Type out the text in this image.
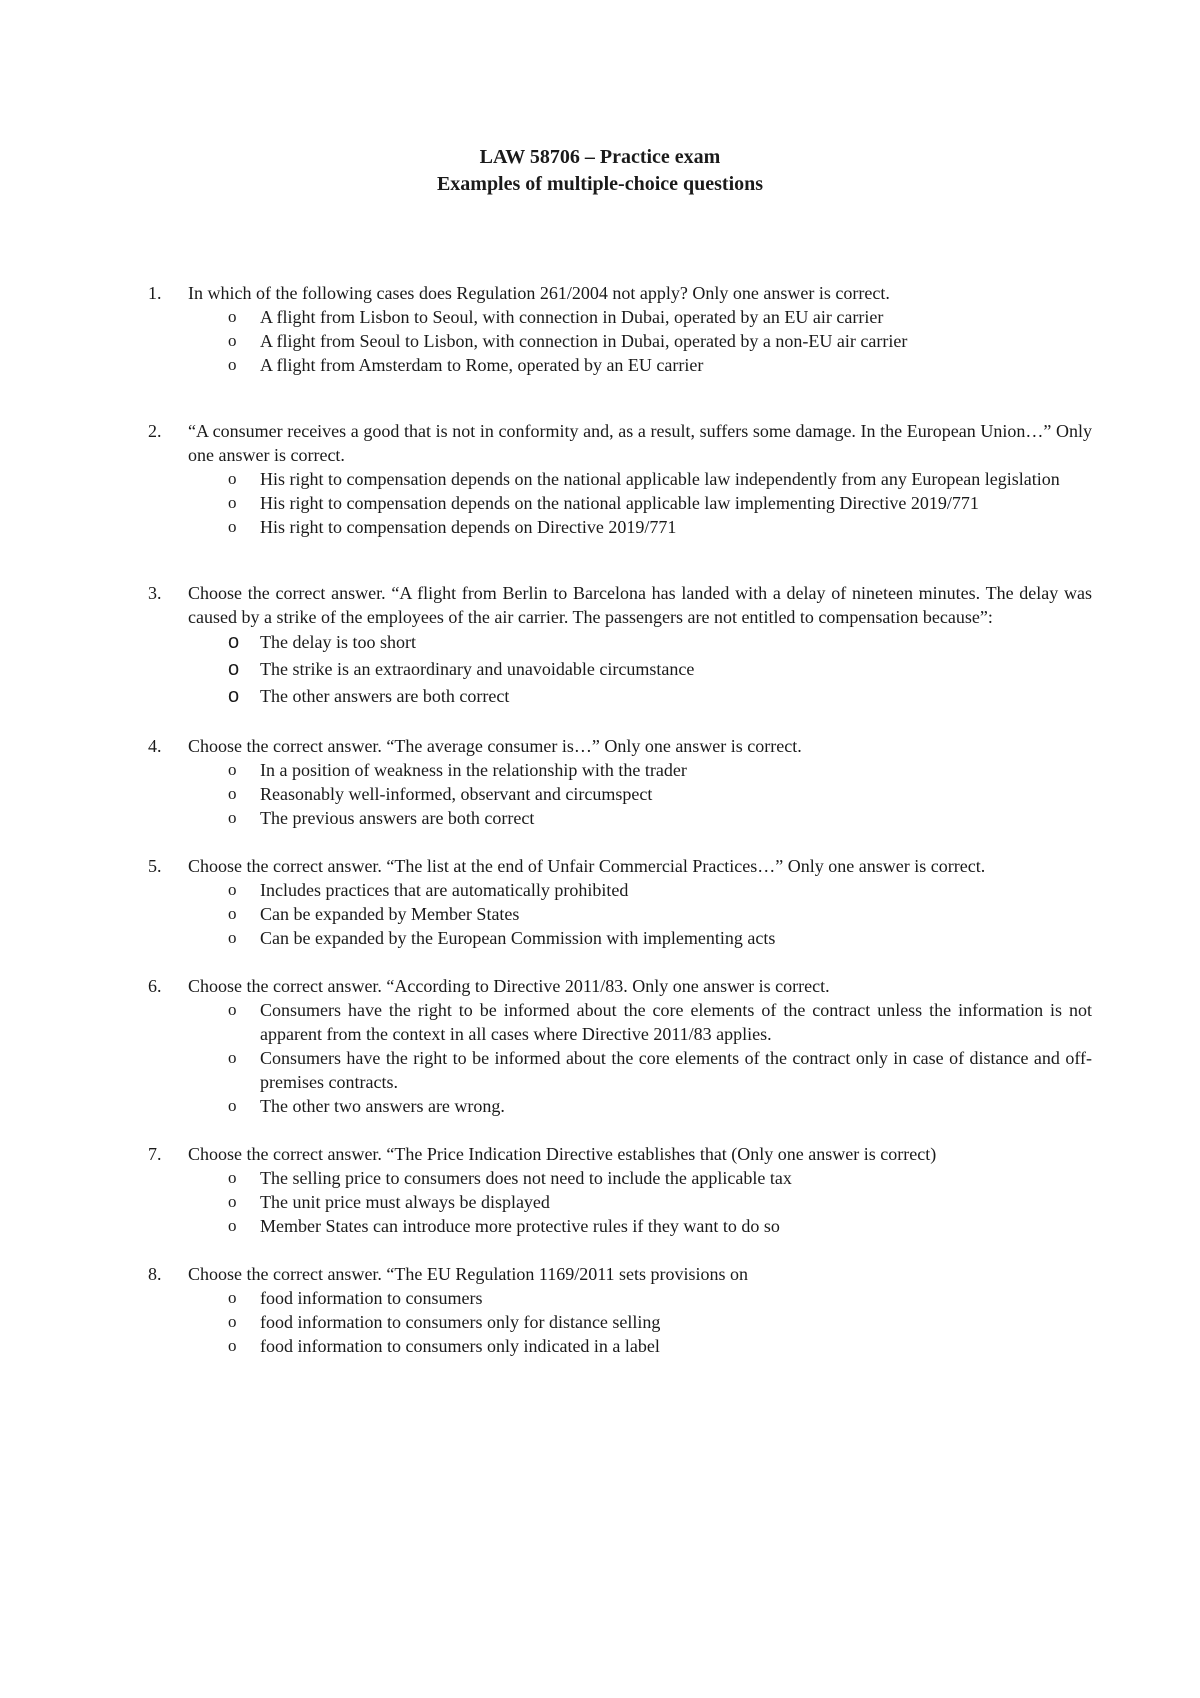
LAW 58706 – Practice exam
Examples of multiple-choice questions
1. In which of the following cases does Regulation 261/2004 not apply? Only one answer is correct.
o A flight from Lisbon to Seoul, with connection in Dubai, operated by an EU air carrier
o A flight from Seoul to Lisbon, with connection in Dubai, operated by a non-EU air carrier
o A flight from Amsterdam to Rome, operated by an EU carrier
2. “A consumer receives a good that is not in conformity and, as a result, suffers some damage. In the European Union…” Only one answer is correct.
o His right to compensation depends on the national applicable law independently from any European legislation
o His right to compensation depends on the national applicable law implementing Directive 2019/771
o His right to compensation depends on Directive 2019/771
3. Choose the correct answer. “A flight from Berlin to Barcelona has landed with a delay of nineteen minutes. The delay was caused by a strike of the employees of the air carrier. The passengers are not entitled to compensation because”:
o The delay is too short
o The strike is an extraordinary and unavoidable circumstance
o The other answers are both correct
4. Choose the correct answer. “The average consumer is…” Only one answer is correct.
o In a position of weakness in the relationship with the trader
o Reasonably well-informed, observant and circumspect
o The previous answers are both correct
5. Choose the correct answer. “The list at the end of Unfair Commercial Practices…” Only one answer is correct.
o Includes practices that are automatically prohibited
o Can be expanded by Member States
o Can be expanded by the European Commission with implementing acts
6. Choose the correct answer. “According to Directive 2011/83. Only one answer is correct.
o Consumers have the right to be informed about the core elements of the contract unless the information is not apparent from the context in all cases where Directive 2011/83 applies.
o Consumers have the right to be informed about the core elements of the contract only in case of distance and off-premises contracts.
o The other two answers are wrong.
7. Choose the correct answer. “The Price Indication Directive establishes that (Only one answer is correct)
o The selling price to consumers does not need to include the applicable tax
o The unit price must always be displayed
o Member States can introduce more protective rules if they want to do so
8. Choose the correct answer. “The EU Regulation 1169/2011 sets provisions on
o food information to consumers
o food information to consumers only for distance selling
o food information to consumers only indicated in a label
